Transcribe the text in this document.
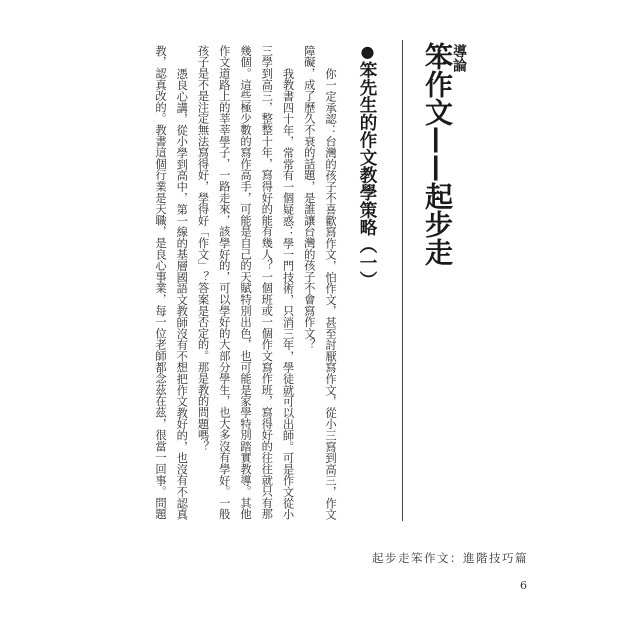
導論
笨作文——起步走
●笨先生的作文教學策略（一）
你一定承認：台灣的孩子不喜歡寫作文，怕作文，甚至討厭寫作文，從小三寫到高三，作文
障礙，成了歷久不衰的話題，是誰讓台灣的孩子不會寫作文？
我教書四十年，常常有一個疑惑：學一門技術，只消三年，學徒就可以出師。可是作文從小
三學到高三，整整十年，寫得好的能有幾人？一個班或一個作文寫作班，寫得好的往往就只有那
幾個。這些極少數的寫作高手，可能是自己的天賦特別出色，也可能是家學特別踏實教導。其他
作文道路上的莘莘學子，一路走來，該學好的，可以學好的大部分學生，也大多沒有學好。一般
孩子是不是注定無法寫得好，學得好「作文」？答案是否定的。那是教的問題嗎？
憑良心講，從小學到高中，第一線的基層國語文教師沒有不想把作文教好的，也沒有不認真
教，認真改的。教書這個行業是天職，是良心事業，每一位老師都念茲在茲，很當一回事。問題
起步走笨作文：進階技巧篇
6
